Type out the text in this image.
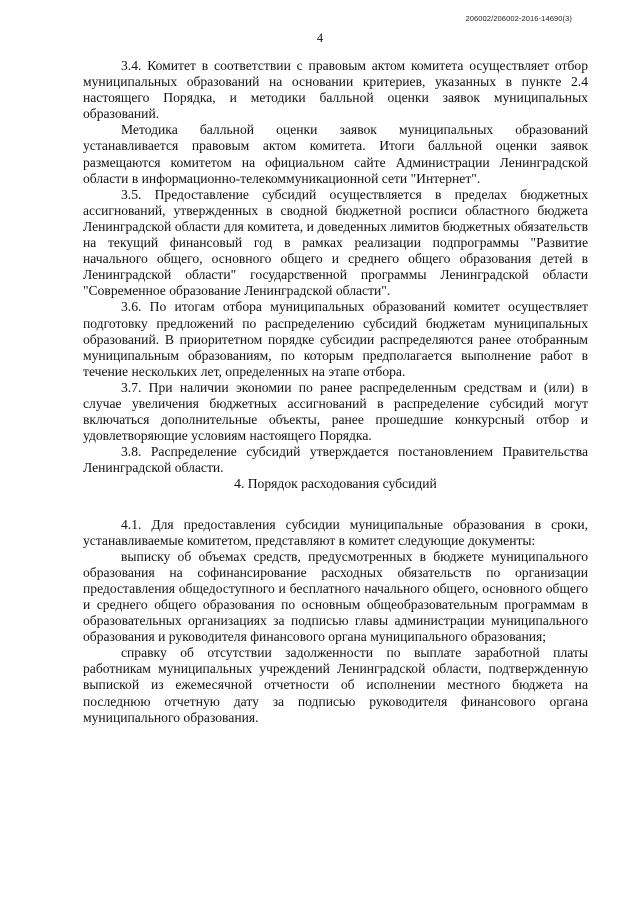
206002/206002-2016-14690(3)
4

3.4. Комитет в соответствии с правовым актом комитета осуществляет отбор муниципальных образований на основании критериев, указанных в пункте 2.4 настоящего Порядка, и методики балльной оценки заявок муниципальных образований.

Методика балльной оценки заявок муниципальных образований устанавливается правовым актом комитета. Итоги балльной оценки заявок размещаются комитетом на официальном сайте Администрации Ленинградской области в информационно-телекоммуникационной сети "Интернет".

3.5. Предоставление субсидий осуществляется в пределах бюджетных ассигнований, утвержденных в сводной бюджетной росписи областного бюджета Ленинградской области для комитета, и доведенных лимитов бюджетных обязательств на текущий финансовый год в рамках реализации подпрограммы "Развитие начального общего, основного общего и среднего общего образования детей в Ленинградской области" государственной программы Ленинградской области "Современное образование Ленинградской области".

3.6. По итогам отбора муниципальных образований комитет осуществляет подготовку предложений по распределению субсидий бюджетам муниципальных образований. В приоритетном порядке субсидии распределяются ранее отобранным муниципальным образованиям, по которым предполагается выполнение работ в течение нескольких лет, определенных на этапе отбора.

3.7. При наличии экономии по ранее распределенным средствам и (или) в случае увеличения бюджетных ассигнований в распределение субсидий могут включаться дополнительные объекты, ранее прошедшие конкурсный отбор и удовлетворяющие условиям настоящего Порядка.

3.8. Распределение субсидий утверждается постановлением Правительства Ленинградской области.

4. Порядок расходования субсидий

4.1. Для предоставления субсидии муниципальные образования в сроки, устанавливаемые комитетом, представляют в комитет следующие документы:

выписку об объемах средств, предусмотренных в бюджете муниципального образования на софинансирование расходных обязательств по организации предоставления общедоступного и бесплатного начального общего, основного общего и среднего общего образования по основным общеобразовательным программам в образовательных организациях за подписью главы администрации муниципального образования и руководителя финансового органа муниципального образования;

справку об отсутствии задолженности по выплате заработной платы работникам муниципальных учреждений Ленинградской области, подтвержденную выпиской из ежемесячной отчетности об исполнении местного бюджета на последнюю отчетную дату за подписью руководителя финансового органа муниципального образования.
